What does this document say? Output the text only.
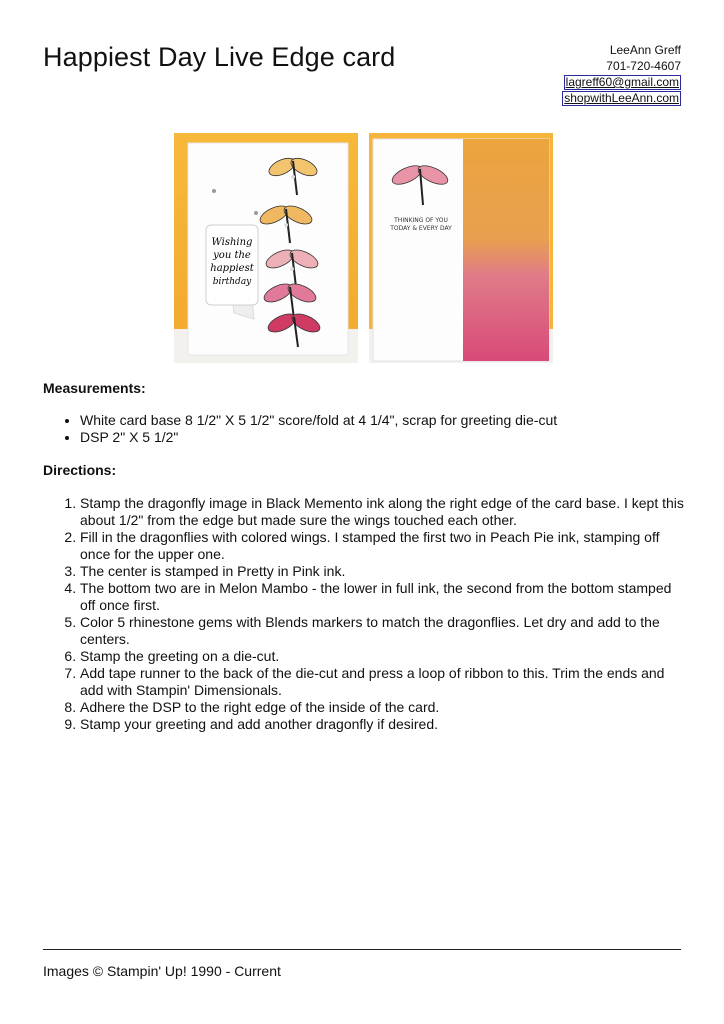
Happiest Day Live Edge card	LeeAnn Greff
701-720-4607
lagreff60@gmail.com
shopwithLeeAnn.com
Wishing
you the
happiest
birthday
THINKING OF YOU
TODAY & EVERY DAY
Measurements:
• White card base 8 1/2" X 5 1/2" score/fold at 4 1/4", scrap for greeting die-cut
• DSP 2" X 5 1/2"
Directions:
1. Stamp the dragonfly image in Black Memento ink along the right edge of the card base. I kept this about 1/2" from the edge but made sure the wings touched each other.
2. Fill in the dragonflies with colored wings. I stamped the first two in Peach Pie ink, stamping off once for the upper one.
3. The center is stamped in Pretty in Pink ink.
4. The bottom two are in Melon Mambo - the lower in full ink, the second from the bottom stamped off once first.
5. Color 5 rhinestone gems with Blends markers to match the dragonflies. Let dry and add to the centers.
6. Stamp the greeting on a die-cut.
7. Add tape runner to the back of the die-cut and press a loop of ribbon to this. Trim the ends and add with Stampin' Dimensionals.
8. Adhere the DSP to the right edge of the inside of the card.
9. Stamp your greeting and add another dragonfly if desired.
Images © Stampin' Up! 1990 - Current
